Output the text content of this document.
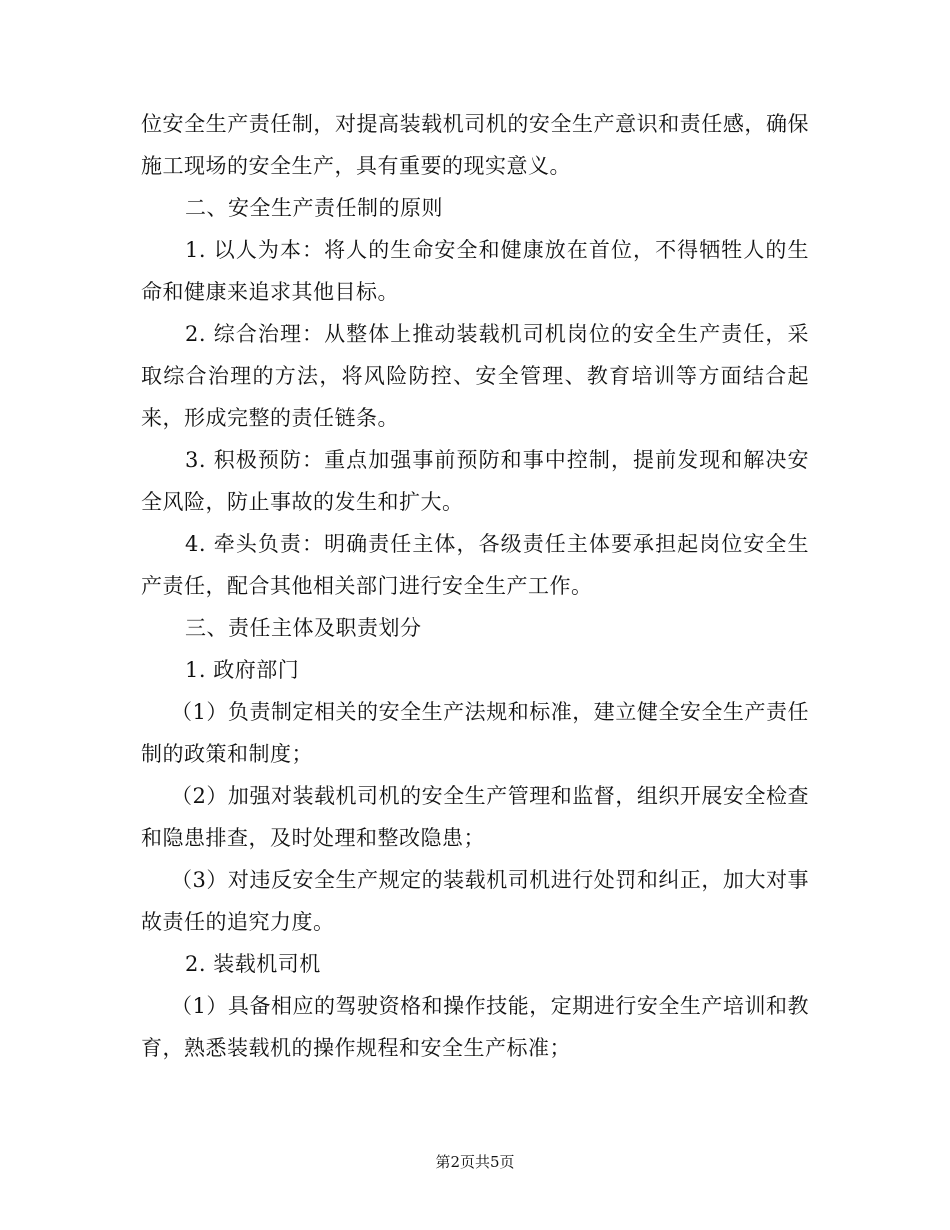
位安全生产责任制，对提高装载机司机的安全生产意识和责任感，确保施工现场的安全生产，具有重要的现实意义。

二、安全生产责任制的原则

1. 以人为本：将人的生命安全和健康放在首位，不得牺牲人的生命和健康来追求其他目标。

2. 综合治理：从整体上推动装载机司机岗位的安全生产责任，采取综合治理的方法，将风险防控、安全管理、教育培训等方面结合起来，形成完整的责任链条。

3. 积极预防：重点加强事前预防和事中控制，提前发现和解决安全风险，防止事故的发生和扩大。

4. 牵头负责：明确责任主体，各级责任主体要承担起岗位安全生产责任，配合其他相关部门进行安全生产工作。

三、责任主体及职责划分

1. 政府部门

（1）负责制定相关的安全生产法规和标准，建立健全安全生产责任制的政策和制度；

（2）加强对装载机司机的安全生产管理和监督，组织开展安全检查和隐患排查，及时处理和整改隐患；

（3）对违反安全生产规定的装载机司机进行处罚和纠正，加大对事故责任的追究力度。

2. 装载机司机

（1）具备相应的驾驶资格和操作技能，定期进行安全生产培训和教育，熟悉装载机的操作规程和安全生产标准；

第2页共5页
